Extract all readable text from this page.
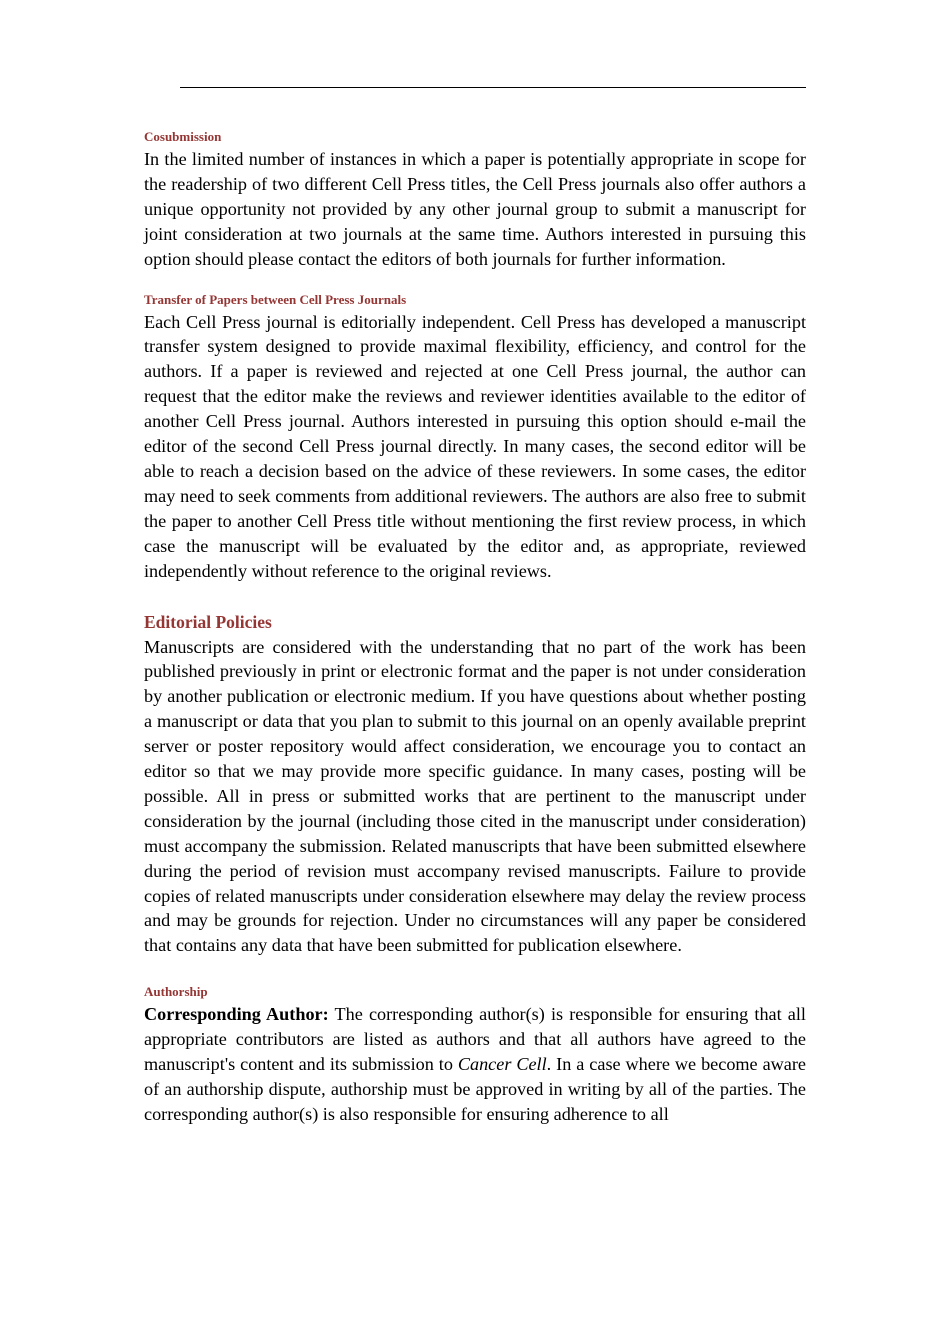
Cosubmission

In the limited number of instances in which a paper is potentially appropriate in scope for the readership of two different Cell Press titles, the Cell Press journals also offer authors a unique opportunity not provided by any other journal group to submit a manuscript for joint consideration at two journals at the same time. Authors interested in pursuing this option should please contact the editors of both journals for further information.

Transfer of Papers between Cell Press Journals

Each Cell Press journal is editorially independent. Cell Press has developed a manuscript transfer system designed to provide maximal flexibility, efficiency, and control for the authors. If a paper is reviewed and rejected at one Cell Press journal, the author can request that the editor make the reviews and reviewer identities available to the editor of another Cell Press journal. Authors interested in pursuing this option should e-mail the editor of the second Cell Press journal directly. In many cases, the second editor will be able to reach a decision based on the advice of these reviewers. In some cases, the editor may need to seek comments from additional reviewers. The authors are also free to submit the paper to another Cell Press title without mentioning the first review process, in which case the manuscript will be evaluated by the editor and, as appropriate, reviewed independently without reference to the original reviews.

Editorial Policies

Manuscripts are considered with the understanding that no part of the work has been published previously in print or electronic format and the paper is not under consideration by another publication or electronic medium. If you have questions about whether posting a manuscript or data that you plan to submit to this journal on an openly available preprint server or poster repository would affect consideration, we encourage you to contact an editor so that we may provide more specific guidance. In many cases, posting will be possible. All in press or submitted works that are pertinent to the manuscript under consideration by the journal (including those cited in the manuscript under consideration) must accompany the submission. Related manuscripts that have been submitted elsewhere during the period of revision must accompany revised manuscripts. Failure to provide copies of related manuscripts under consideration elsewhere may delay the review process and may be grounds for rejection. Under no circumstances will any paper be considered that contains any data that have been submitted for publication elsewhere.

Authorship

Corresponding Author: The corresponding author(s) is responsible for ensuring that all appropriate contributors are listed as authors and that all authors have agreed to the manuscript's content and its submission to Cancer Cell. In a case where we become aware of an authorship dispute, authorship must be approved in writing by all of the parties. The corresponding author(s) is also responsible for ensuring adherence to all
